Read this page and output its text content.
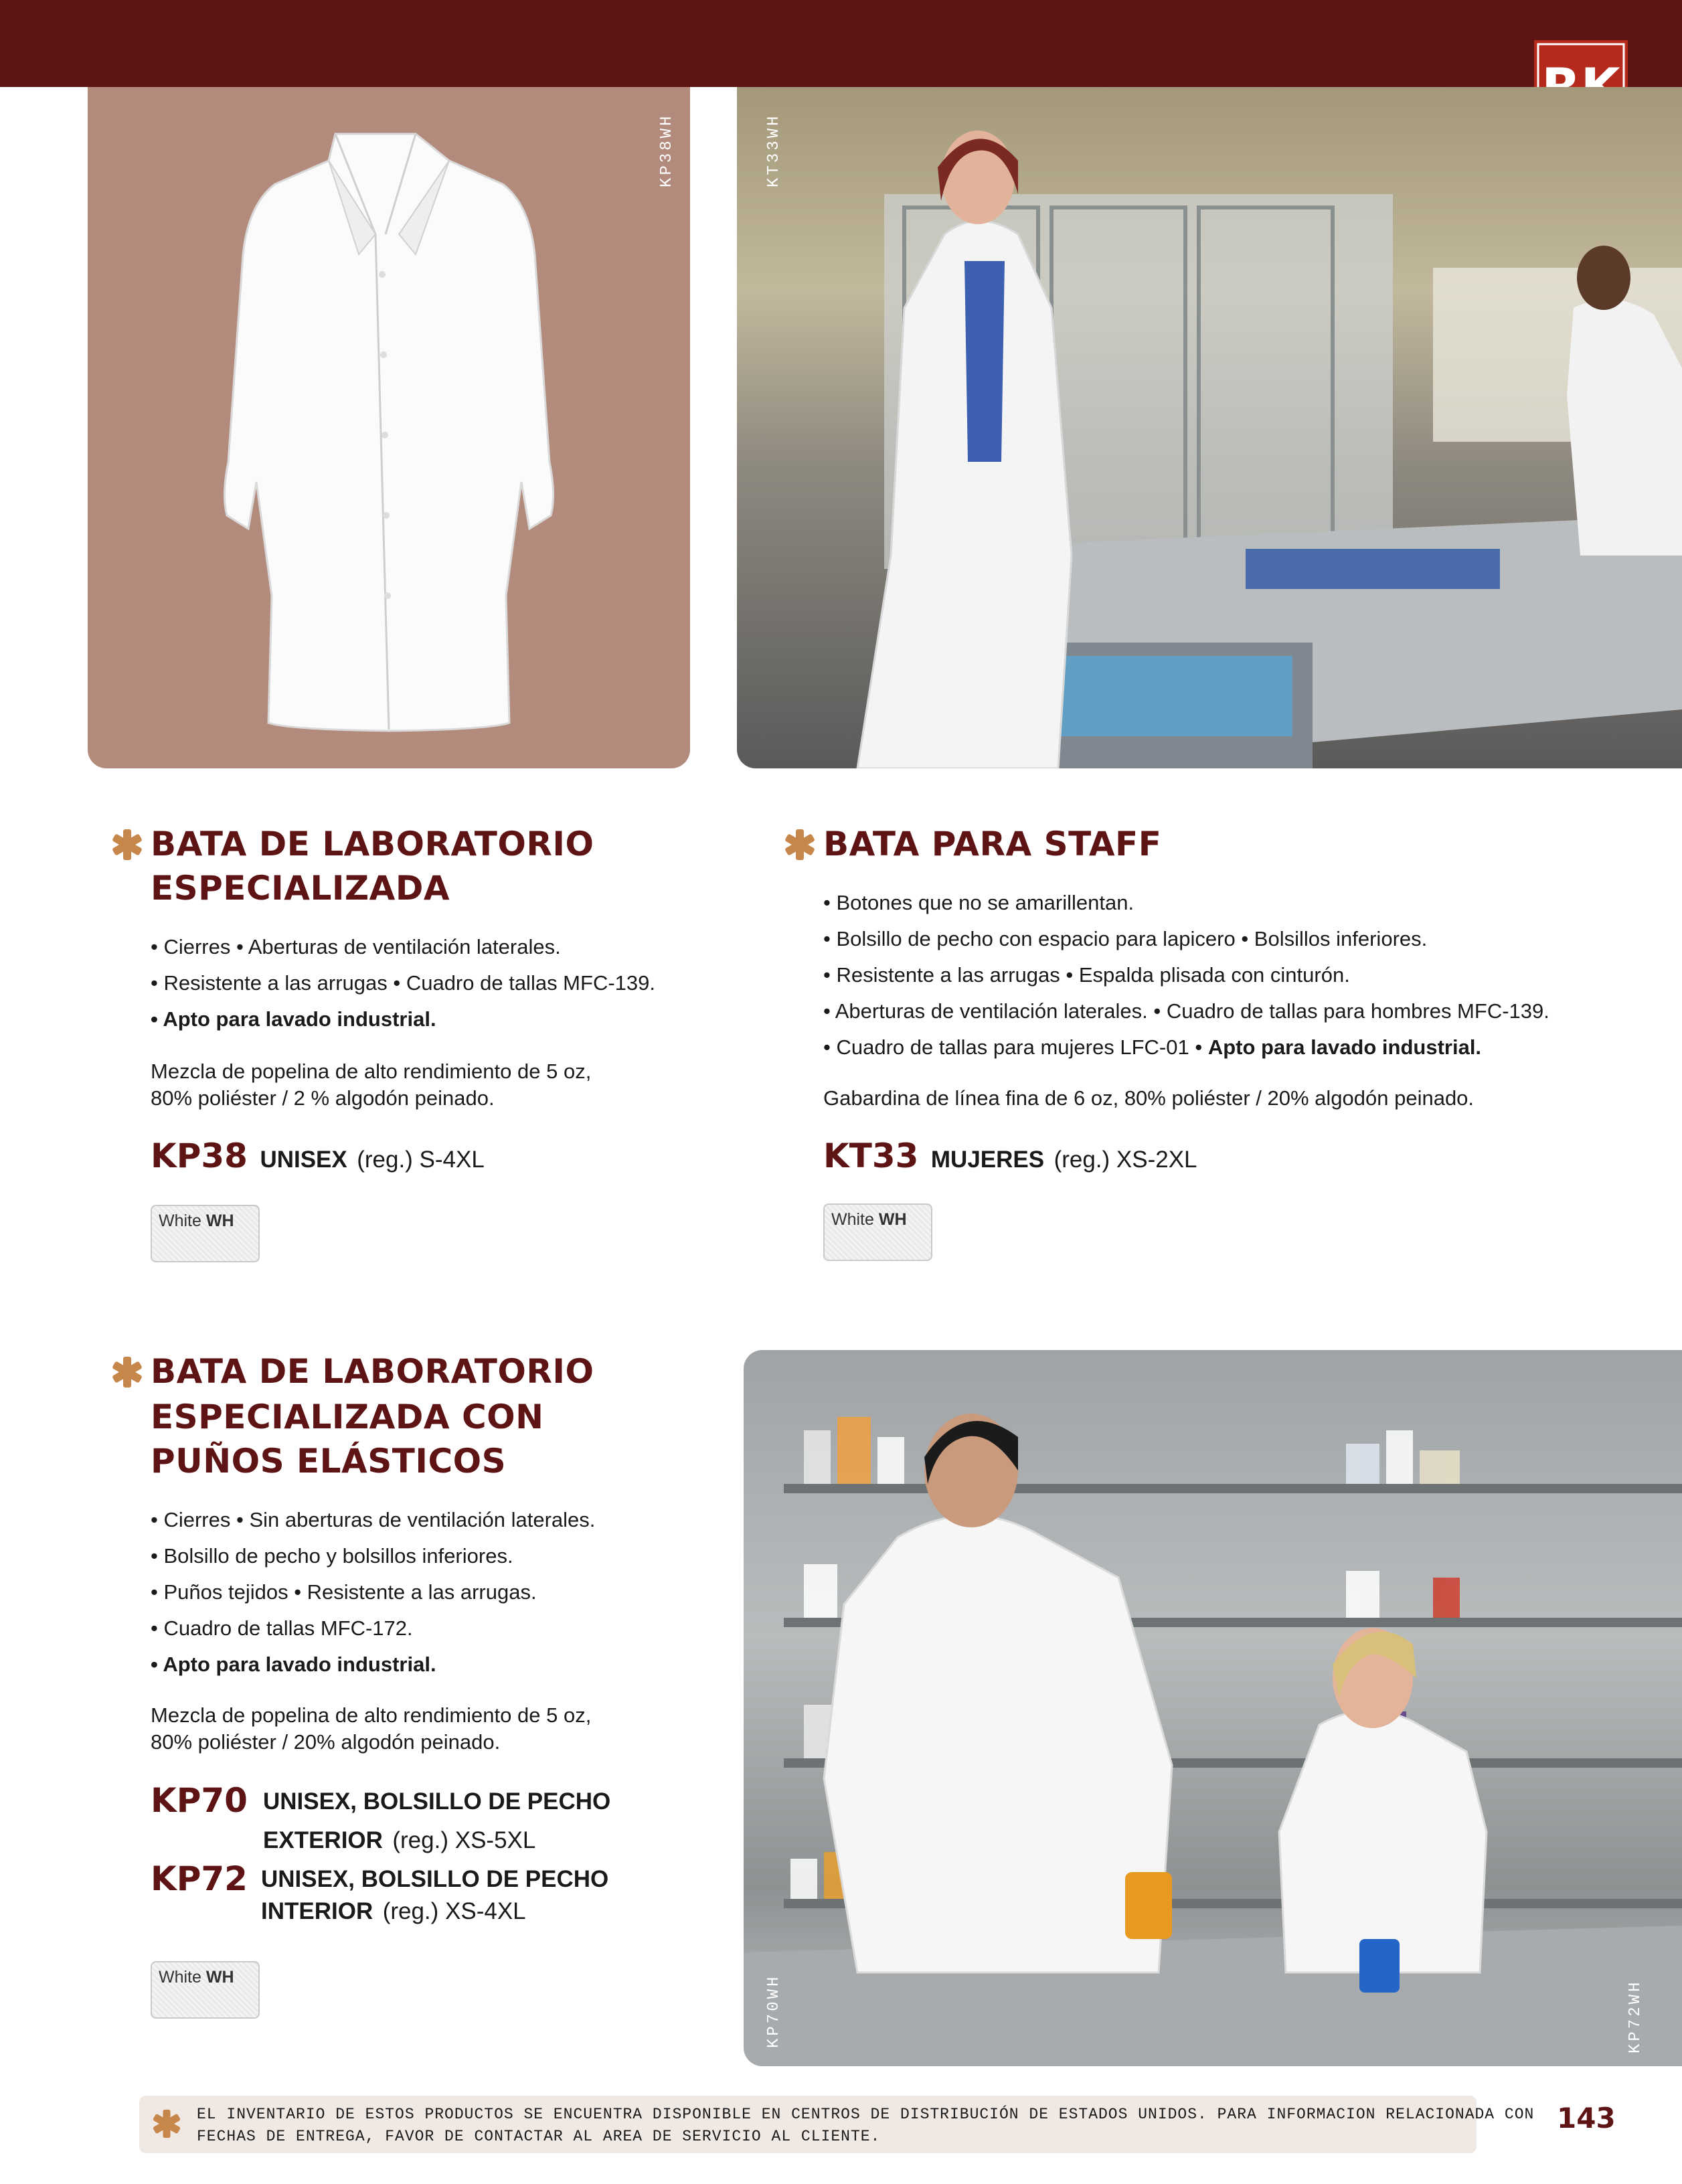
KP38WH	KT33WH
BATA DE LABORATORIO
ESPECIALIZADA
• Cierres • Aberturas de ventilación laterales.
• Resistente a las arrugas • Cuadro de tallas MFC-139.
• Apto para lavado industrial.
Mezcla de popelina de alto rendimiento de 5 oz,
80% poliéster / 2 % algodón peinado.
KP38 UNISEX (reg.) S-4XL
White WH
BATA PARA STAFF
• Botones que no se amarillentan.
• Bolsillo de pecho con espacio para lapicero • Bolsillos inferiores.
• Resistente a las arrugas • Espalda plisada con cinturón.
• Aberturas de ventilación laterales. • Cuadro de tallas para hombres MFC-139.
• Cuadro de tallas para mujeres LFC-01 • Apto para lavado industrial.
Gabardina de línea fina de 6 oz, 80% poliéster / 20% algodón peinado.
KT33 MUJERES (reg.) XS-2XL
White WH
BATA DE LABORATORIO
ESPECIALIZADA CON
PUÑOS ELÁSTICOS
• Cierres • Sin aberturas de ventilación laterales.
• Bolsillo de pecho y bolsillos inferiores.
• Puños tejidos • Resistente a las arrugas.
• Cuadro de tallas MFC-172.
• Apto para lavado industrial.
Mezcla de popelina de alto rendimiento de 5 oz,
80% poliéster / 20% algodón peinado.
KP70 UNISEX, BOLSILLO DE PECHO
EXTERIOR (reg.) XS-5XL
KP72 UNISEX, BOLSILLO DE PECHO
INTERIOR (reg.) XS-4XL
White WH	KP70WH	KP72WH
EL INVENTARIO DE ESTOS PRODUCTOS SE ENCUENTRA DISPONIBLE EN CENTROS DE DISTRIBUCIÓN DE ESTADOS UNIDOS. PARA INFORMACION RELACIONADA CON
FECHAS DE ENTREGA, FAVOR DE CONTACTAR AL AREA DE SERVICIO AL CLIENTE.
143
